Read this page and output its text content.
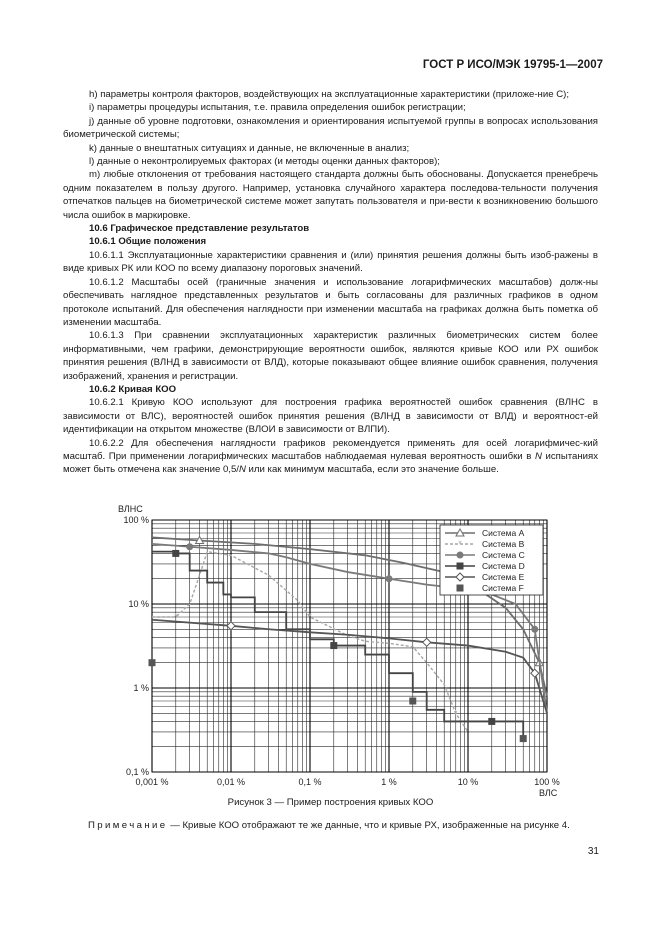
ГОСТ Р ИСО/МЭК 19795-1—2007

h) параметры контроля факторов, воздействующих на эксплуатационные характеристики (приложе-ние С);

i) параметры процедуры испытания, т.е. правила определения ошибок регистрации;

j) данные об уровне подготовки, ознакомления и ориентирования испытуемой группы в вопросах использования биометрической системы;

k) данные о внештатных ситуациях и данные, не включенные в анализ;

l) данные о неконтролируемых факторах (и методы оценки данных факторов);

m) любые отклонения от требования настоящего стандарта должны быть обоснованы. Допускается пренебречь одним показателем в пользу другого. Например, установка случайного характера последова-тельности получения отпечатков пальцев на биометрической системе может запутать пользователя и при-вести к возникновению большого числа ошибок в маркировке.

10.6 Графическое представление результатов

10.6.1 Общие положения

10.6.1.1 Эксплуатационные характеристики сравнения и (или) принятия решения должны быть изоб-ражены в виде кривых РК или КОО по всему диапазону пороговых значений.

10.6.1.2 Масштабы осей (граничные значения и использование логарифмических масштабов) долж-ны обеспечивать наглядное представленных результатов и быть согласованы для различных графиков в одном протоколе испытаний. Для обеспечения наглядности при изменении масштаба на графиках должна быть пометка об изменении масштаба.

10.6.1.3 При сравнении эксплуатационных характеристик различных биометрических систем более информативными, чем графики, демонстрирующие вероятности ошибок, являются кривые КОО или РХ ошибок принятия решения (ВЛНД в зависимости от ВЛД), которые показывают общее влияние ошибок сравнения, получения изображений, хранения и регистрации.

10.6.2 Кривая КОО

10.6.2.1 Кривую КОО используют для построения графика вероятностей ошибок сравнения (ВЛНС в зависимости от ВЛС), вероятностей ошибок принятия решения (ВЛНД в зависимости от ВЛД) и вероятност-ей идентификации на открытом множестве (ВЛОИ в зависимости от ВЛПИ).

10.6.2.2 Для обеспечения наглядности графиков рекомендуется применять для осей логарифмичес-кий масштаб. При применении логарифмических масштабов наблюдаемая нулевая вероятность ошибки в N испытаниях может быть отмечена как значение 0,5/N или как минимум масштаба, если это значение больше.

0,001 %	0,01 %	0,1 %	1 %	10 %	100 %
0,1 %
1 %
10 %
100 %
ВЛНС
ВЛС
*	*
*
Система A
* Система B
Система C
Система D
Система E
Система F
Рисунок 3 — Пример построения кривых КОО
Примечание — Кривые КОО отображают те же данные, что и кривые РХ, изображенные на рисунке 4.
31
